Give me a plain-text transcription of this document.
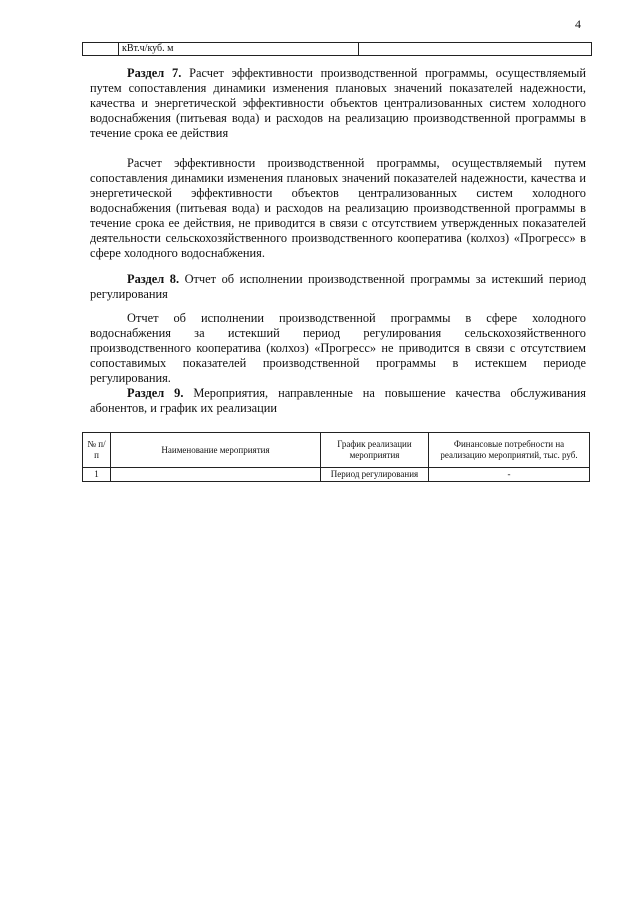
4
кВт.ч/куб. м
Раздел 7. Расчет эффективности производственной программы, осуществляемый путем сопоставления динамики изменения плановых значений показателей надежности, качества и энергетической эффективности объектов централизованных систем холодного водоснабжения (питьевая вода) и расходов на реализацию производственной программы в течение срока ее действия
Расчет эффективности производственной программы, осуществляемый путем сопоставления динамики изменения плановых значений показателей надежности, качества и энергетической эффективности объектов централизованных систем холодного водоснабжения (питьевая вода) и расходов на реализацию производственной программы в течение срока ее действия, не приводится в связи с отсутствием утвержденных показателей деятельности сельскохозяйственного производственного кооператива (колхоз) «Прогресс» в сфере холодного водоснабжения.
Раздел 8. Отчет об исполнении производственной программы за истекший период регулирования
Отчет об исполнении производственной программы в сфере холодного водоснабжения за истекший период регулирования сельскохозяйственного производственного кооператива (колхоз) «Прогресс» не приводится в связи с отсутствием сопоставимых показателей производственной программы в истекшем периоде регулирования.
Раздел 9. Мероприятия, направленные на повышение качества обслуживания абонентов, и график их реализации
№ п/п	Наименование мероприятия	График реализации мероприятия	Финансовые потребности на реализацию мероприятий, тыс. руб.
1		Период регулирования	-
